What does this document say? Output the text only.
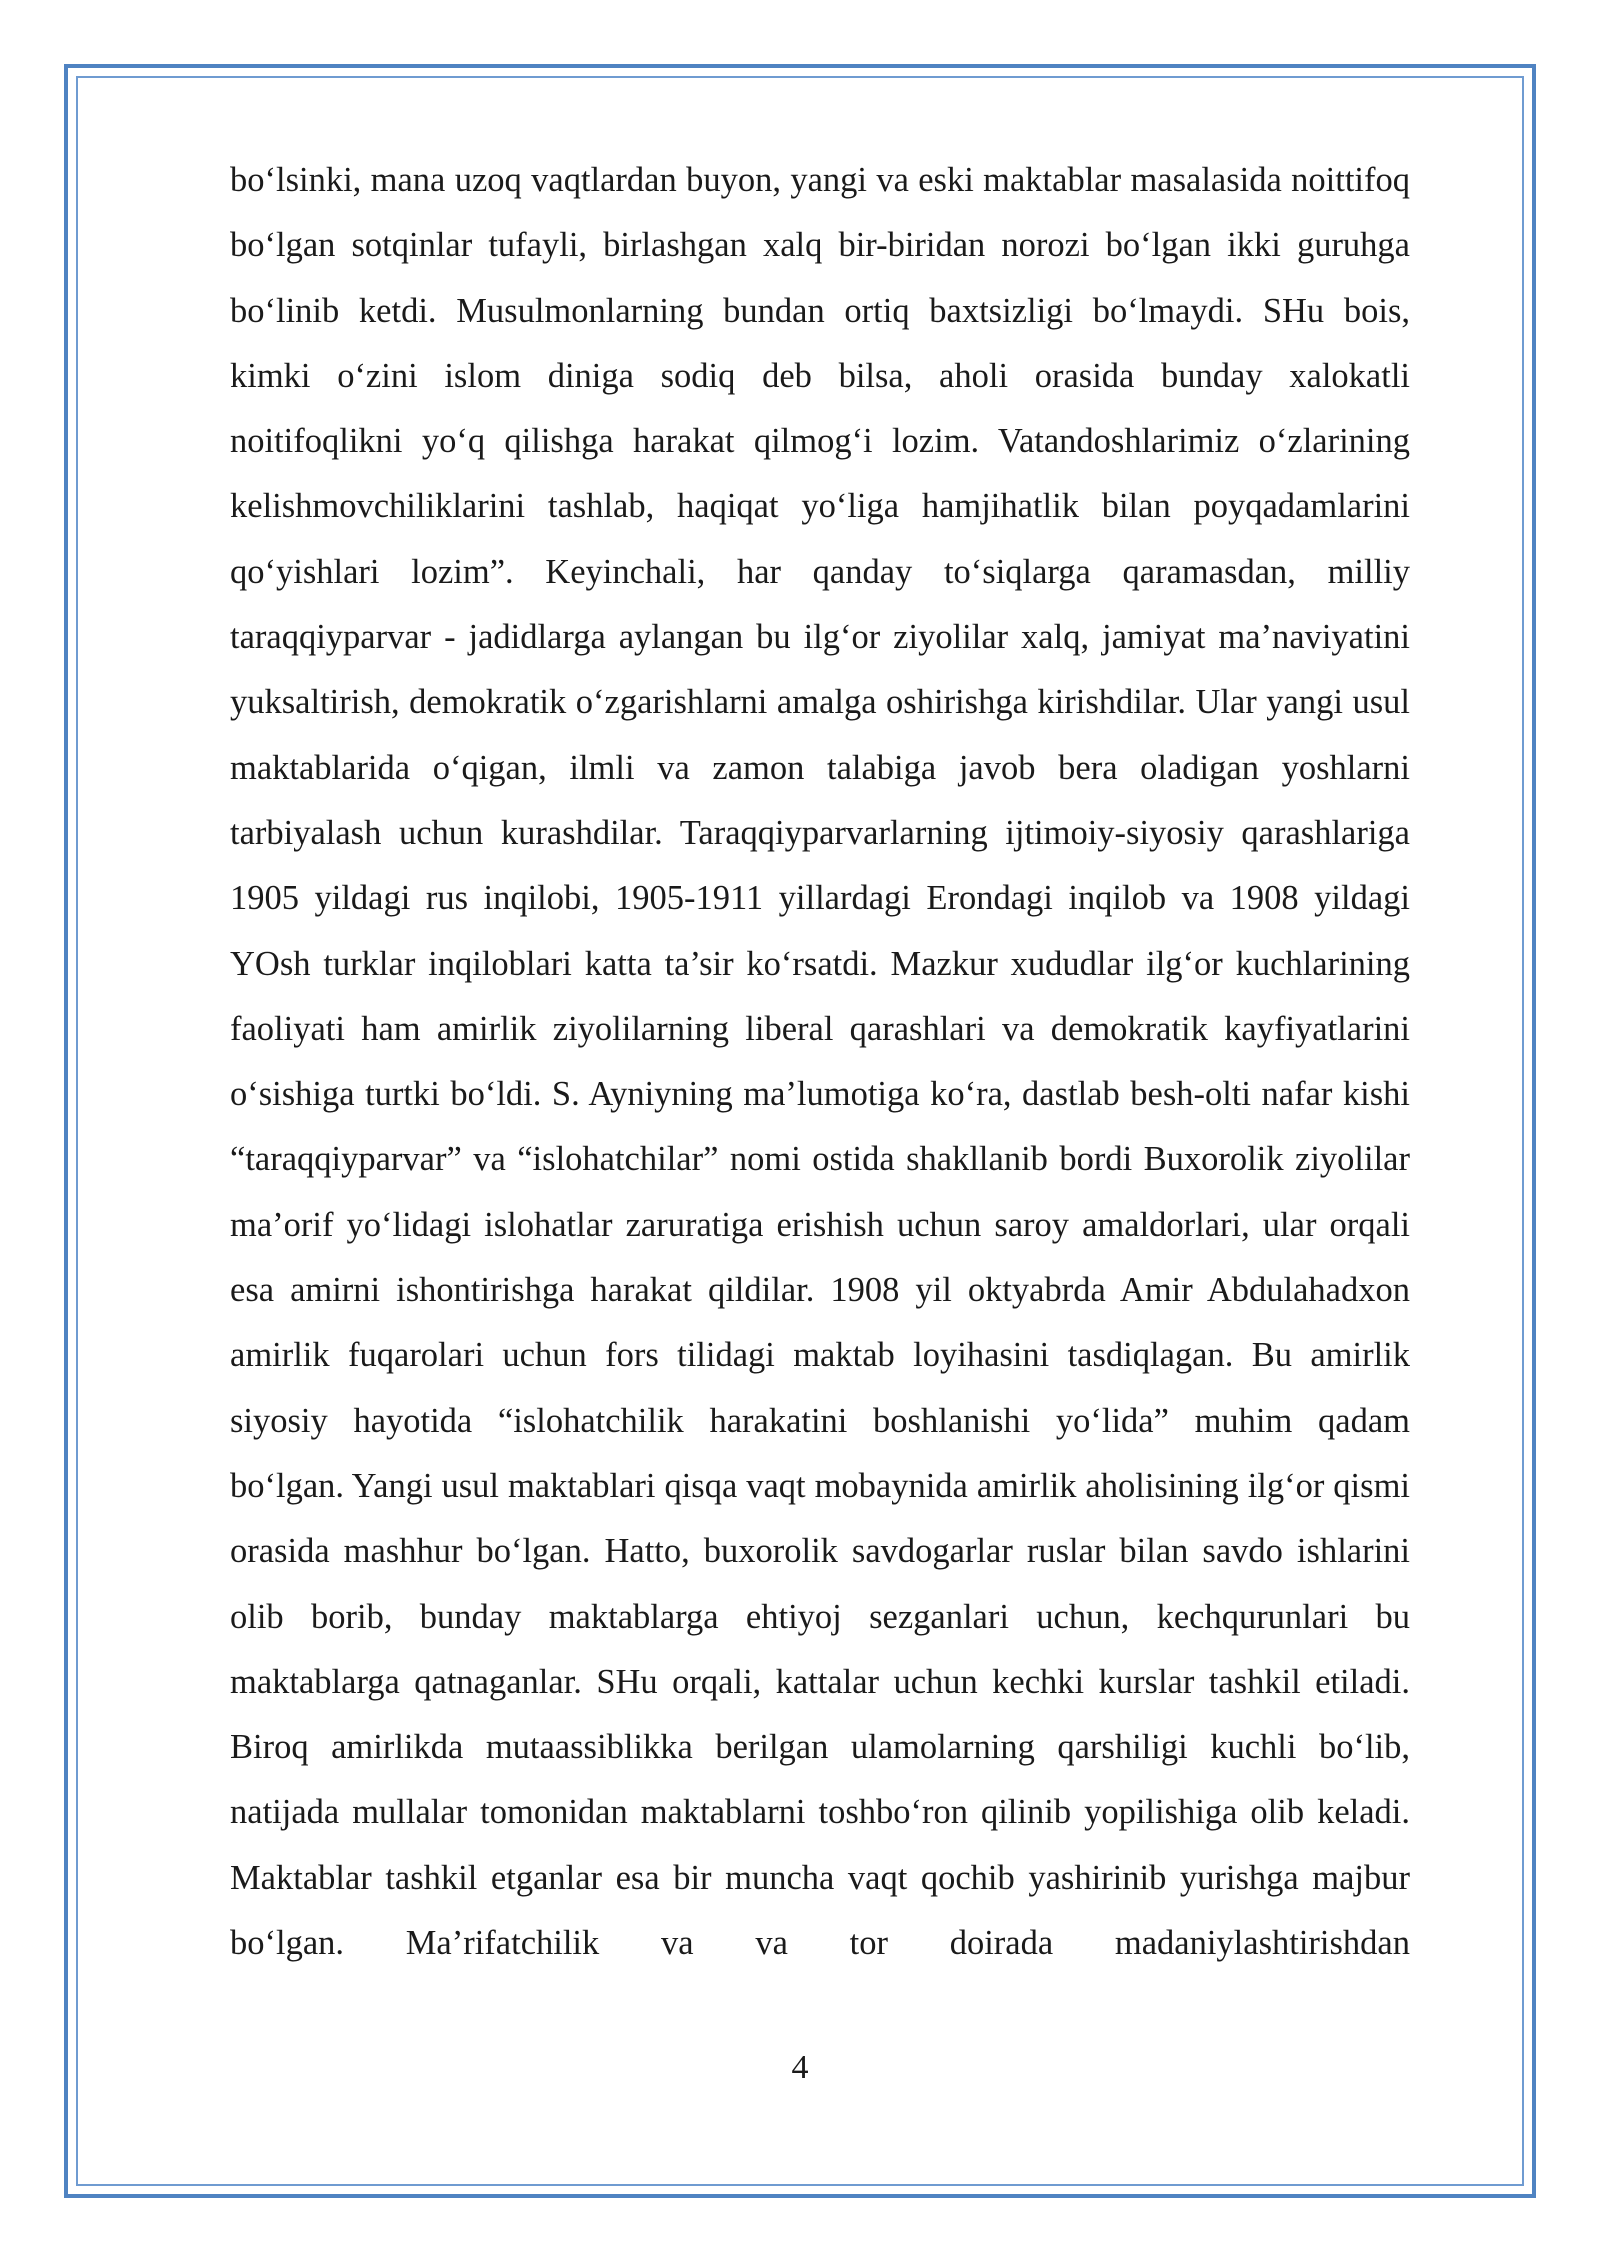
bo‘lsinki, mana uzoq vaqtlardan buyon, yangi va eski maktablar masalasida noittifoq bo‘lgan sotqinlar tufayli, birlashgan xalq bir-biridan norozi bo‘lgan ikki guruhga bo‘linib ketdi. Musulmonlarning bundan ortiq baxtsizligi bo‘lmaydi. SHu bois, kimki o‘zini islom diniga sodiq deb bilsa, aholi orasida bunday xalokatli noitifoqlikni yo‘q qilishga harakat qilmog‘i lozim. Vatandoshlarimiz o‘zlarining kelishmovchiliklarini tashlab, haqiqat yo‘liga hamjihatlik bilan poyqadamlarini qo‘yishlari lozim”. Keyinchali, har qanday to‘siqlarga qaramasdan, milliy taraqqiyparvar - jadidlarga aylangan bu ilg‘or ziyolilar xalq, jamiyat ma’naviyatini yuksaltirish, demokratik o‘zgarishlarni amalga oshirishga kirishdilar. Ular yangi usul maktablarida o‘qigan, ilmli va zamon talabiga javob bera oladigan yoshlarni tarbiyalash uchun kurashdilar. Taraqqiyparvarlarning ijtimoiy-siyosiy qarashlariga 1905 yildagi rus inqilobi, 1905-1911 yillardagi Erondagi inqilob va 1908 yildagi YOsh turklar inqiloblari katta ta’sir ko‘rsatdi. Mazkur xududlar ilg‘or kuchlarining faoliyati ham amirlik ziyolilarning liberal qarashlari va demokratik kayfiyatlarini o‘sishiga turtki bo‘ldi. S. Ayniyning ma’lumotiga ko‘ra, dastlab besh-olti nafar kishi “taraqqiyparvar” va “islohatchilar” nomi ostida shakllanib bordi Buxorolik ziyolilar ma’orif yo‘lidagi islohatlar zaruratiga erishish uchun saroy amaldorlari, ular orqali esa amirni ishontirishga harakat qildilar. 1908 yil oktyabrda Amir Abdulahadxon amirlik fuqarolari uchun fors tilidagi maktab loyihasini tasdiqlagan. Bu amirlik siyosiy hayotida “islohatchilik harakatini boshlanishi yo‘lida” muhim qadam bo‘lgan. Yangi usul maktablari qisqa vaqt mobaynida amirlik aholisining ilg‘or qismi orasida mashhur bo‘lgan. Hatto, buxorolik savdogarlar ruslar bilan savdo ishlarini olib borib, bunday maktablarga ehtiyoj sezganlari uchun, kechqurunlari bu maktablarga qatnaganlar. SHu orqali, kattalar uchun kechki kurslar tashkil etiladi. Biroq amirlikda mutaassiblikka berilgan ulamolarning qarshiligi kuchli bo‘lib, natijada mullalar tomonidan maktablarni toshbo‘ron qilinib yopilishiga olib keladi. Maktablar tashkil etganlar esa bir muncha vaqt qochib yashirinib yurishga majbur bo‘lgan. Ma’rifatchilik va va tor doirada madaniylashtirishdan

4
